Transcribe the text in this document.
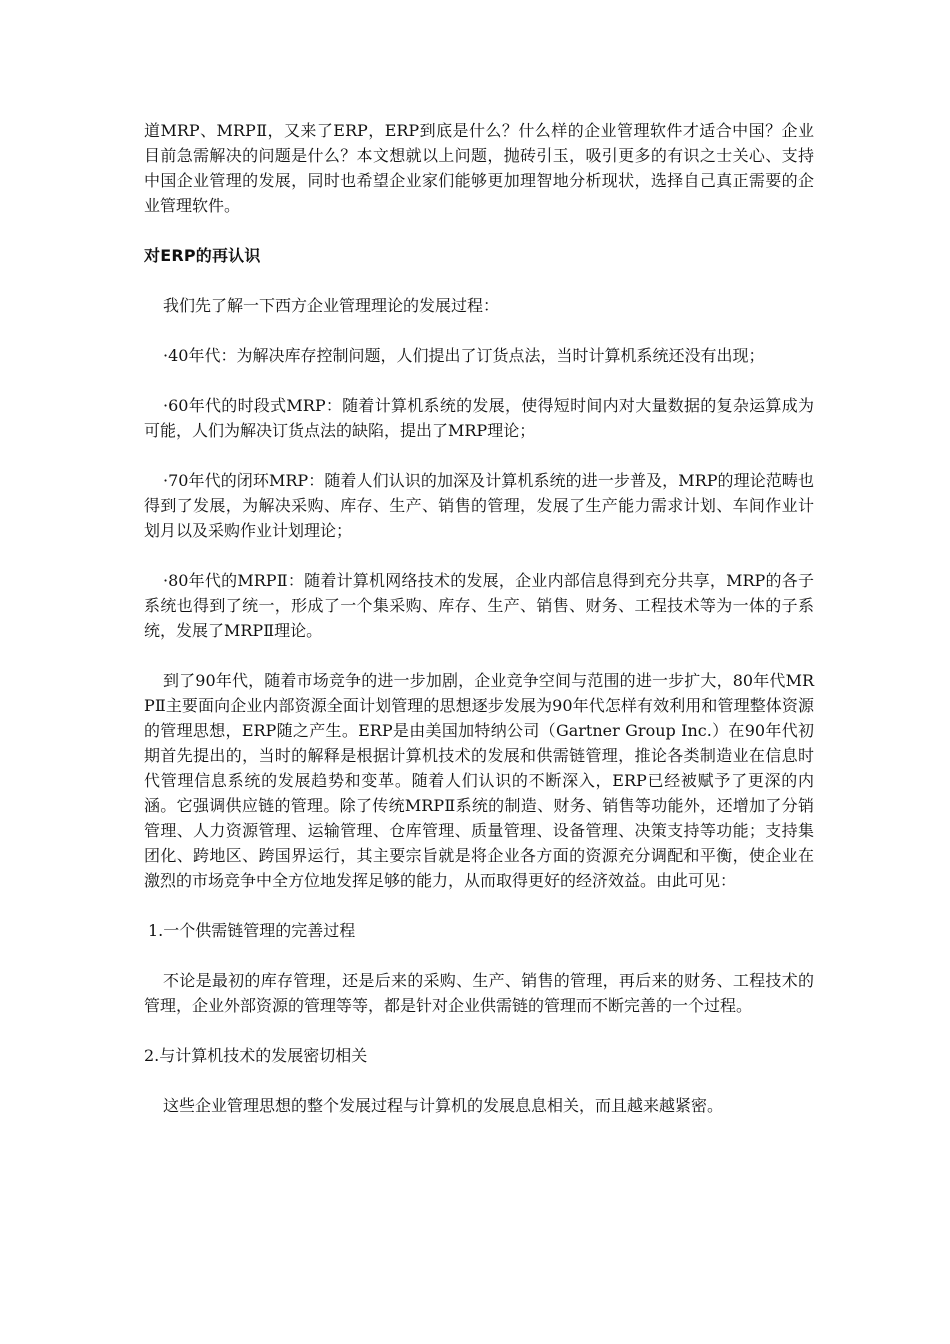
道MRP、MRPⅡ，又来了ERP，ERP到底是什么？什么样的企业管理软件才适合中国？企业目前急需解决的问题是什么？本文想就以上问题，抛砖引玉，吸引更多的有识之士关心、支持中国企业管理的发展，同时也希望企业家们能够更加理智地分析现状，选择自己真正需要的企业管理软件。

对ERP的再认识

我们先了解一下西方企业管理理论的发展过程：

·40年代：为解决库存控制问题，人们提出了订货点法，当时计算机系统还没有出现；

·60年代的时段式MRP：随着计算机系统的发展，使得短时间内对大量数据的复杂运算成为可能，人们为解决订货点法的缺陷，提出了MRP理论；

·70年代的闭环MRP：随着人们认识的加深及计算机系统的进一步普及，MRP的理论范畴也得到了发展，为解决采购、库存、生产、销售的管理，发展了生产能力需求计划、车间作业计划月以及采购作业计划理论；

·80年代的MRPⅡ：随着计算机网络技术的发展，企业内部信息得到充分共享，MRP的各子系统也得到了统一，形成了一个集采购、库存、生产、销售、财务、工程技术等为一体的子系统，发展了MRPⅡ理论。

到了90年代，随着市场竞争的进一步加剧，企业竞争空间与范围的进一步扩大，80年代MRPⅡ主要面向企业内部资源全面计划管理的思想逐步发展为90年代怎样有效利用和管理整体资源的管理思想，ERP随之产生。ERP是由美国加特纳公司（Gartner Group Inc.）在90年代初期首先提出的，当时的解释是根据计算机技术的发展和供需链管理，推论各类制造业在信息时代管理信息系统的发展趋势和变革。随着人们认识的不断深入，ERP已经被赋予了更深的内涵。它强调供应链的管理。除了传统MRPⅡ系统的制造、财务、销售等功能外，还增加了分销管理、人力资源管理、运输管理、仓库管理、质量管理、设备管理、决策支持等功能；支持集团化、跨地区、跨国界运行，其主要宗旨就是将企业各方面的资源充分调配和平衡，使企业在激烈的市场竞争中全方位地发挥足够的能力，从而取得更好的经济效益。由此可见：

1.一个供需链管理的完善过程

不论是最初的库存管理，还是后来的采购、生产、销售的管理，再后来的财务、工程技术的管理，企业外部资源的管理等等，都是针对企业供需链的管理而不断完善的一个过程。

2.与计算机技术的发展密切相关

这些企业管理思想的整个发展过程与计算机的发展息息相关，而且越来越紧密。
